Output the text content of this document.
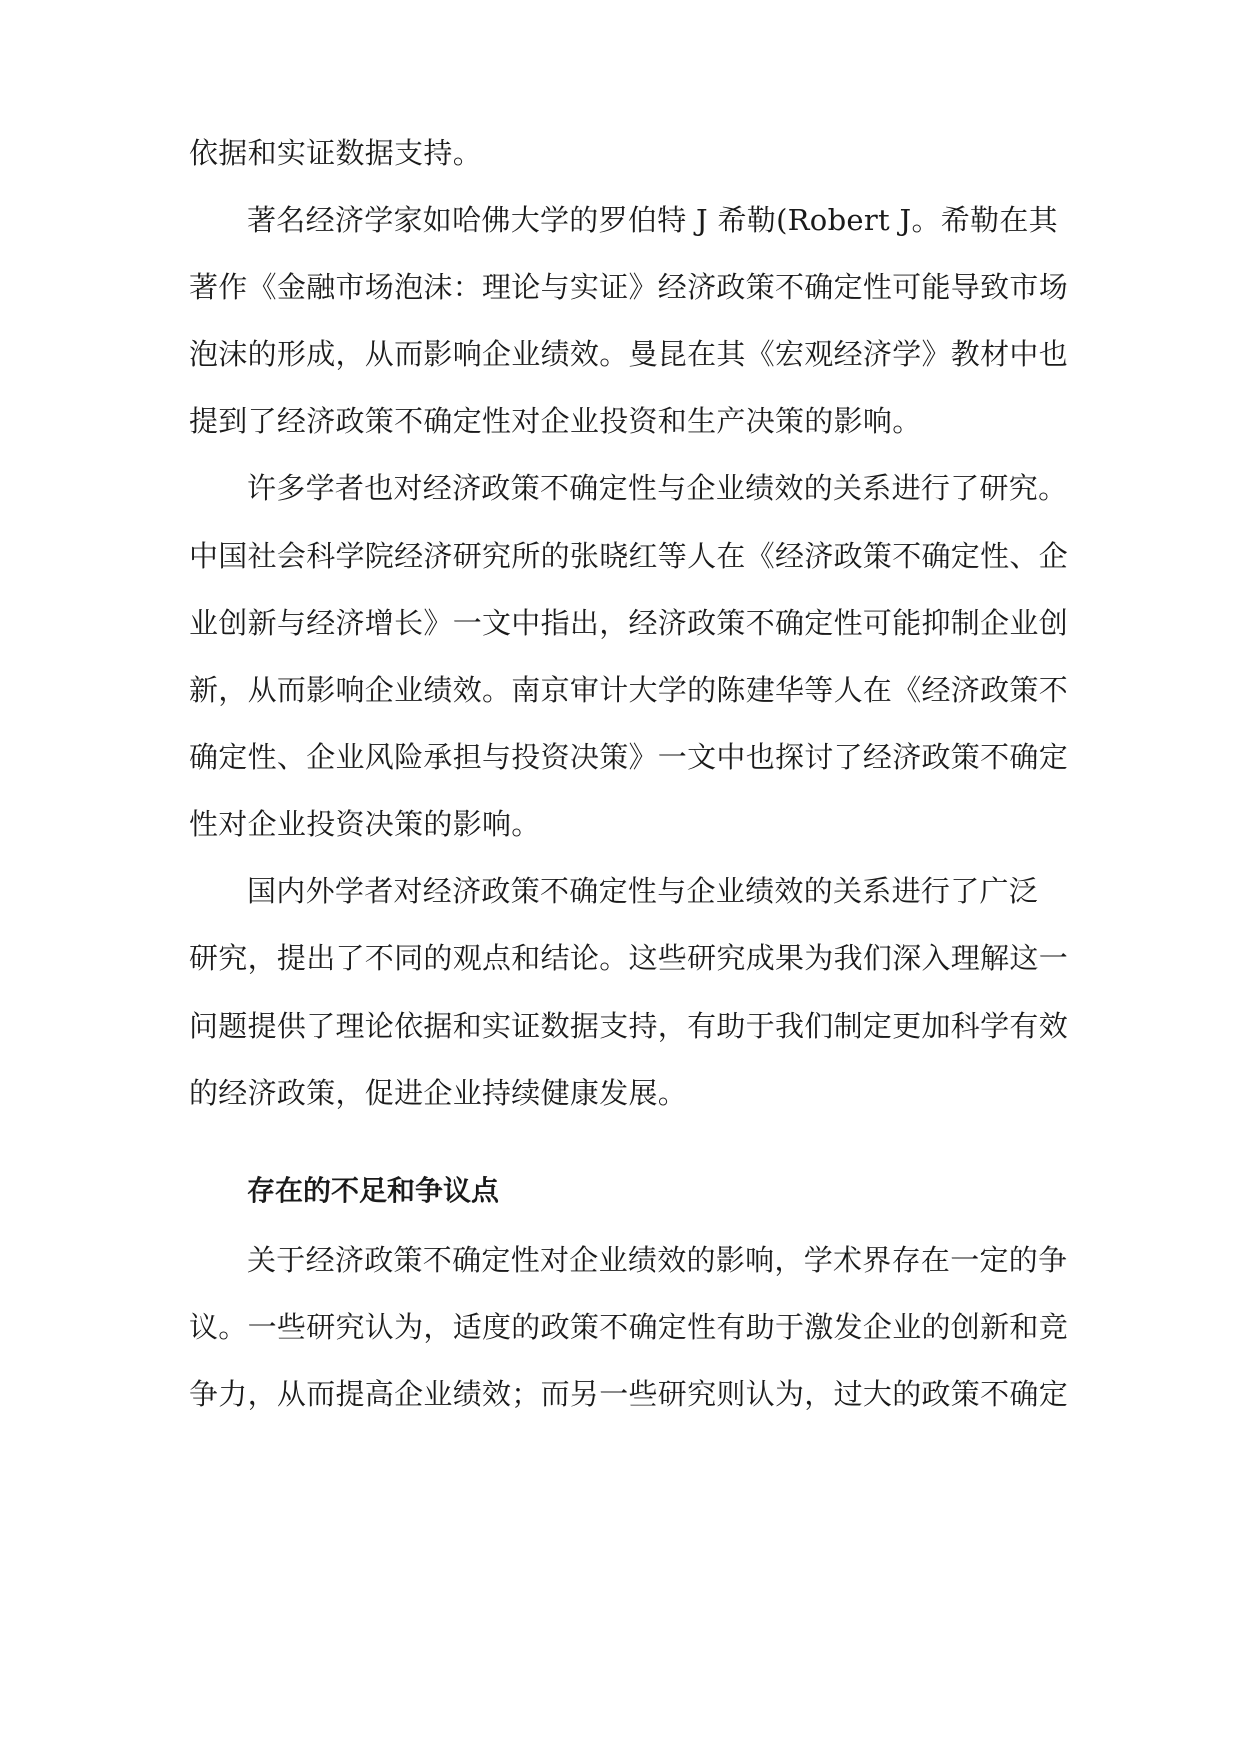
依据和实证数据支持。
著名经济学家如哈佛大学的罗伯特 J 希勒(Robert J。希勒在其
著作《金融市场泡沫：理论与实证》经济政策不确定性可能导致市场
泡沫的形成，从而影响企业绩效。曼昆在其《宏观经济学》教材中也
提到了经济政策不确定性对企业投资和生产决策的影响。
许多学者也对经济政策不确定性与企业绩效的关系进行了研究。
中国社会科学院经济研究所的张晓红等人在《经济政策不确定性、企
业创新与经济增长》一文中指出，经济政策不确定性可能抑制企业创
新，从而影响企业绩效。南京审计大学的陈建华等人在《经济政策不
确定性、企业风险承担与投资决策》一文中也探讨了经济政策不确定
性对企业投资决策的影响。
国内外学者对经济政策不确定性与企业绩效的关系进行了广泛
研究，提出了不同的观点和结论。这些研究成果为我们深入理解这一
问题提供了理论依据和实证数据支持，有助于我们制定更加科学有效
的经济政策，促进企业持续健康发展。
存在的不足和争议点
关于经济政策不确定性对企业绩效的影响，学术界存在一定的争
议。一些研究认为，适度的政策不确定性有助于激发企业的创新和竞
争力，从而提高企业绩效；而另一些研究则认为，过大的政策不确定
